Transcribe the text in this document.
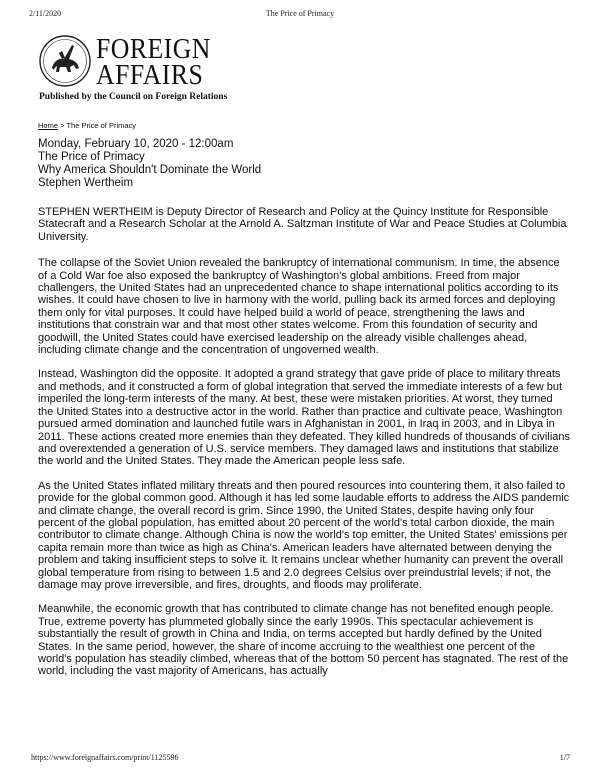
2/11/2020	The Price of Primacy
FOREIGN
AFFAIRS
Published by the Council on Foreign Relations
Home > The Price of Primacy
Monday, February 10, 2020 - 12:00am
The Price of Primacy
Why America Shouldn't Dominate the World
Stephen Wertheim

STEPHEN WERTHEIM is Deputy Director of Research and Policy at the Quincy Institute for Responsible Statecraft and a Research Scholar at the Arnold A. Saltzman Institute of War and Peace Studies at Columbia University.

The collapse of the Soviet Union revealed the bankruptcy of international communism. In time, the absence of a Cold War foe also exposed the bankruptcy of Washington's global ambitions. Freed from major challengers, the United States had an unprecedented chance to shape international politics according to its wishes. It could have chosen to live in harmony with the world, pulling back its armed forces and deploying them only for vital purposes. It could have helped build a world of peace, strengthening the laws and institutions that constrain war and that most other states welcome. From this foundation of security and goodwill, the United States could have exercised leadership on the already visible challenges ahead, including climate change and the concentration of ungoverned wealth.

Instead, Washington did the opposite. It adopted a grand strategy that gave pride of place to military threats and methods, and it constructed a form of global integration that served the immediate interests of a few but imperiled the long-term interests of the many. At best, these were mistaken priorities. At worst, they turned the United States into a destructive actor in the world. Rather than practice and cultivate peace, Washington pursued armed domination and launched futile wars in Afghanistan in 2001, in Iraq in 2003, and in Libya in 2011. These actions created more enemies than they defeated. They killed hundreds of thousands of civilians and overextended a generation of U.S. service members. They damaged laws and institutions that stabilize the world and the United States. They made the American people less safe.

As the United States inflated military threats and then poured resources into countering them, it also failed to provide for the global common good. Although it has led some laudable efforts to address the AIDS pandemic and climate change, the overall record is grim. Since 1990, the United States, despite having only four percent of the global population, has emitted about 20 percent of the world's total carbon dioxide, the main contributor to climate change. Although China is now the world's top emitter, the United States' emissions per capita remain more than twice as high as China's. American leaders have alternated between denying the problem and taking insufficient steps to solve it. It remains unclear whether humanity can prevent the overall global temperature from rising to between 1.5 and 2.0 degrees Celsius over preindustrial levels; if not, the damage may prove irreversible, and fires, droughts, and floods may proliferate.

Meanwhile, the economic growth that has contributed to climate change has not benefited enough people. True, extreme poverty has plummeted globally since the early 1990s. This spectacular achievement is substantially the result of growth in China and India, on terms accepted but hardly defined by the United States. In the same period, however, the share of income accruing to the wealthiest one percent of the world's population has steadily climbed, whereas that of the bottom 50 percent has stagnated. The rest of the world, including the vast majority of Americans, has actually

https://www.foreignaffairs.com/print/1125596	1/7
